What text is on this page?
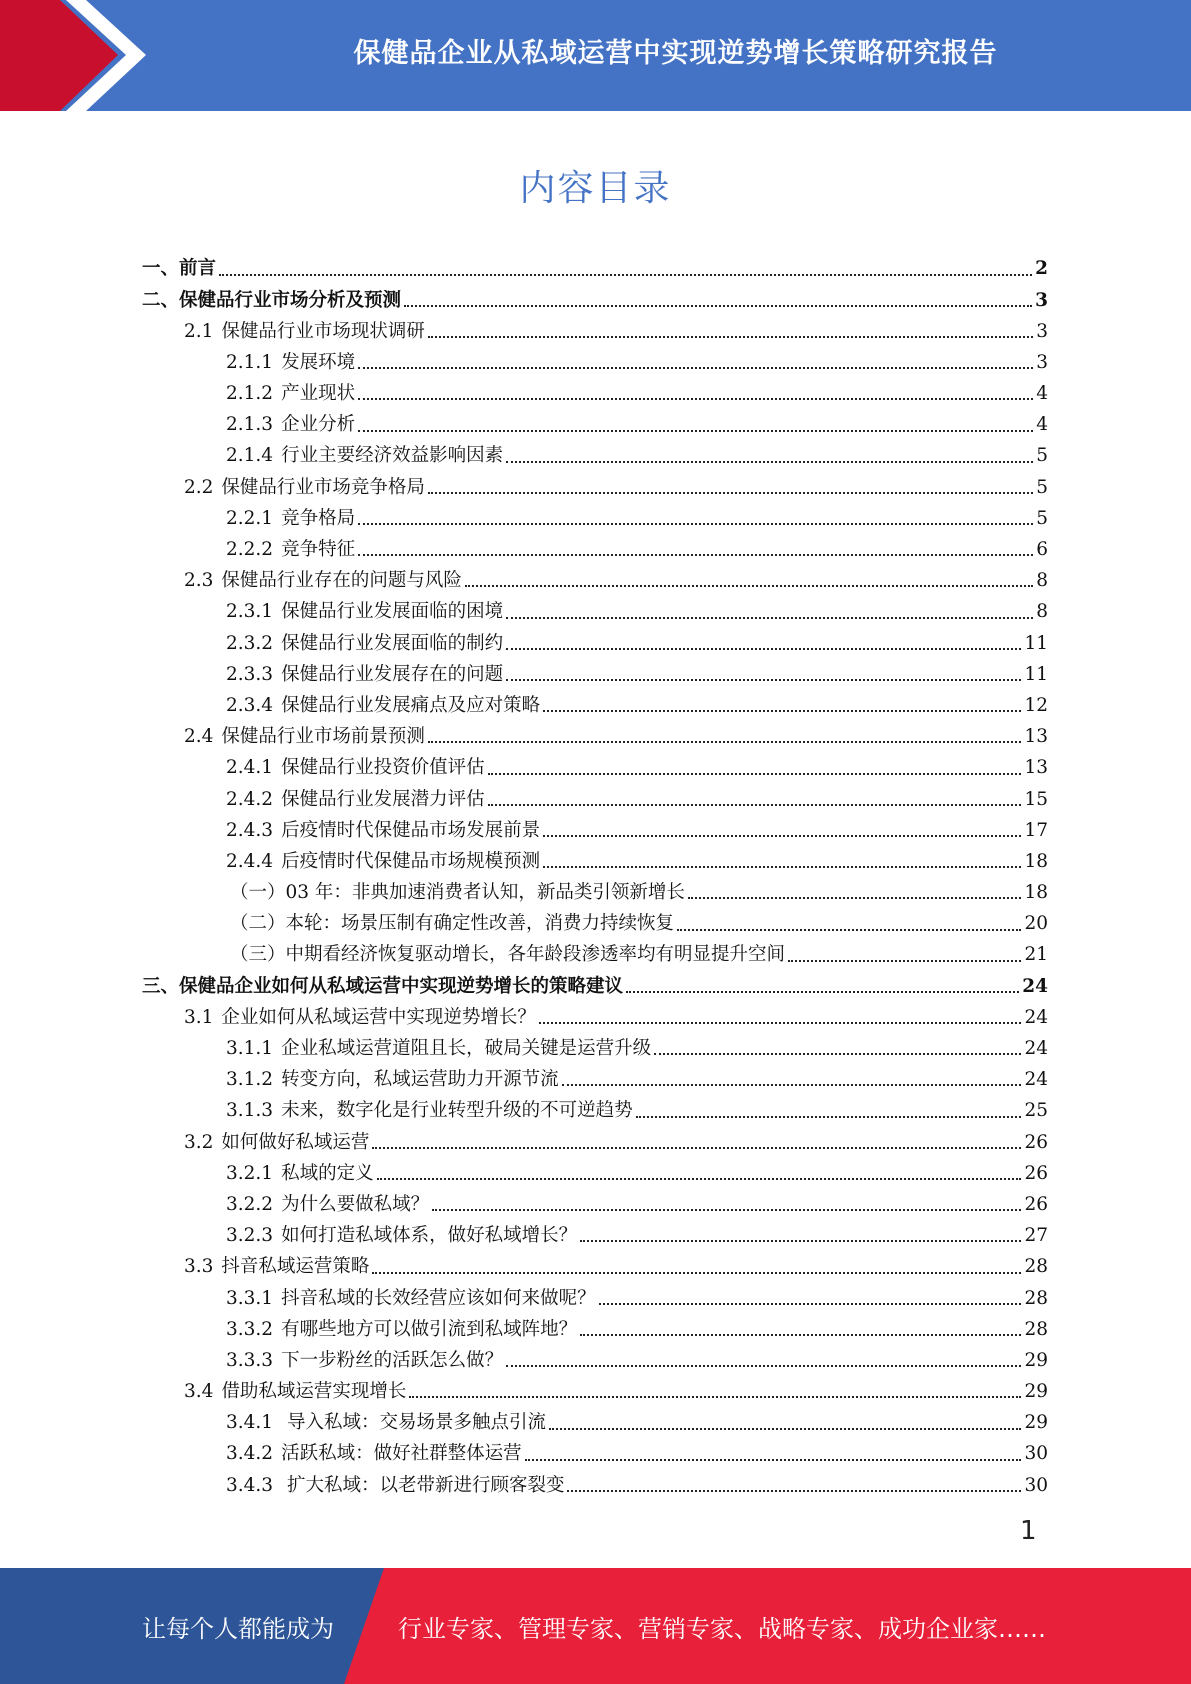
保健品企业从私域运营中实现逆势增长策略研究报告
内容目录
一、前言	2
二、保健品行业市场分析及预测	3
2.1 保健品行业市场现状调研	3
2.1.1 发展环境	3
2.1.2 产业现状	4
2.1.3 企业分析	4
2.1.4 行业主要经济效益影响因素	5
2.2 保健品行业市场竞争格局	5
2.2.1 竞争格局	5
2.2.2 竞争特征	6
2.3 保健品行业存在的问题与风险	8
2.3.1 保健品行业发展面临的困境	8
2.3.2 保健品行业发展面临的制约	11
2.3.3 保健品行业发展存在的问题	11
2.3.4 保健品行业发展痛点及应对策略	12
2.4 保健品行业市场前景预测	13
2.4.1 保健品行业投资价值评估	13
2.4.2 保健品行业发展潜力评估	15
2.4.3 后疫情时代保健品市场发展前景	17
2.4.4 后疫情时代保健品市场规模预测	18
（一）03 年：非典加速消费者认知，新品类引领新增长	18
（二）本轮：场景压制有确定性改善，消费力持续恢复	20
（三）中期看经济恢复驱动增长，各年龄段渗透率均有明显提升空间	21
三、保健品企业如何从私域运营中实现逆势增长的策略建议	24
3.1 企业如何从私域运营中实现逆势增长？	24
3.1.1 企业私域运营道阻且长，破局关键是运营升级	24
3.1.2 转变方向，私域运营助力开源节流	24
3.1.3 未来，数字化是行业转型升级的不可逆趋势	25
3.2 如何做好私域运营	26
3.2.1 私域的定义	26
3.2.2 为什么要做私域？	26
3.2.3 如何打造私域体系，做好私域增长？	27
3.3 抖音私域运营策略	28
3.3.1 抖音私域的长效经营应该如何来做呢？	28
3.3.2 有哪些地方可以做引流到私域阵地？	28
3.3.3 下一步粉丝的活跃怎么做？	29
3.4 借助私域运营实现增长	29
3.4.1 导入私域：交易场景多触点引流	29
3.4.2 活跃私域：做好社群整体运营	30
3.4.3 扩大私域：以老带新进行顾客裂变	30
1
让每个人都能成为	行业专家、管理专家、营销专家、战略专家、成功企业家……
